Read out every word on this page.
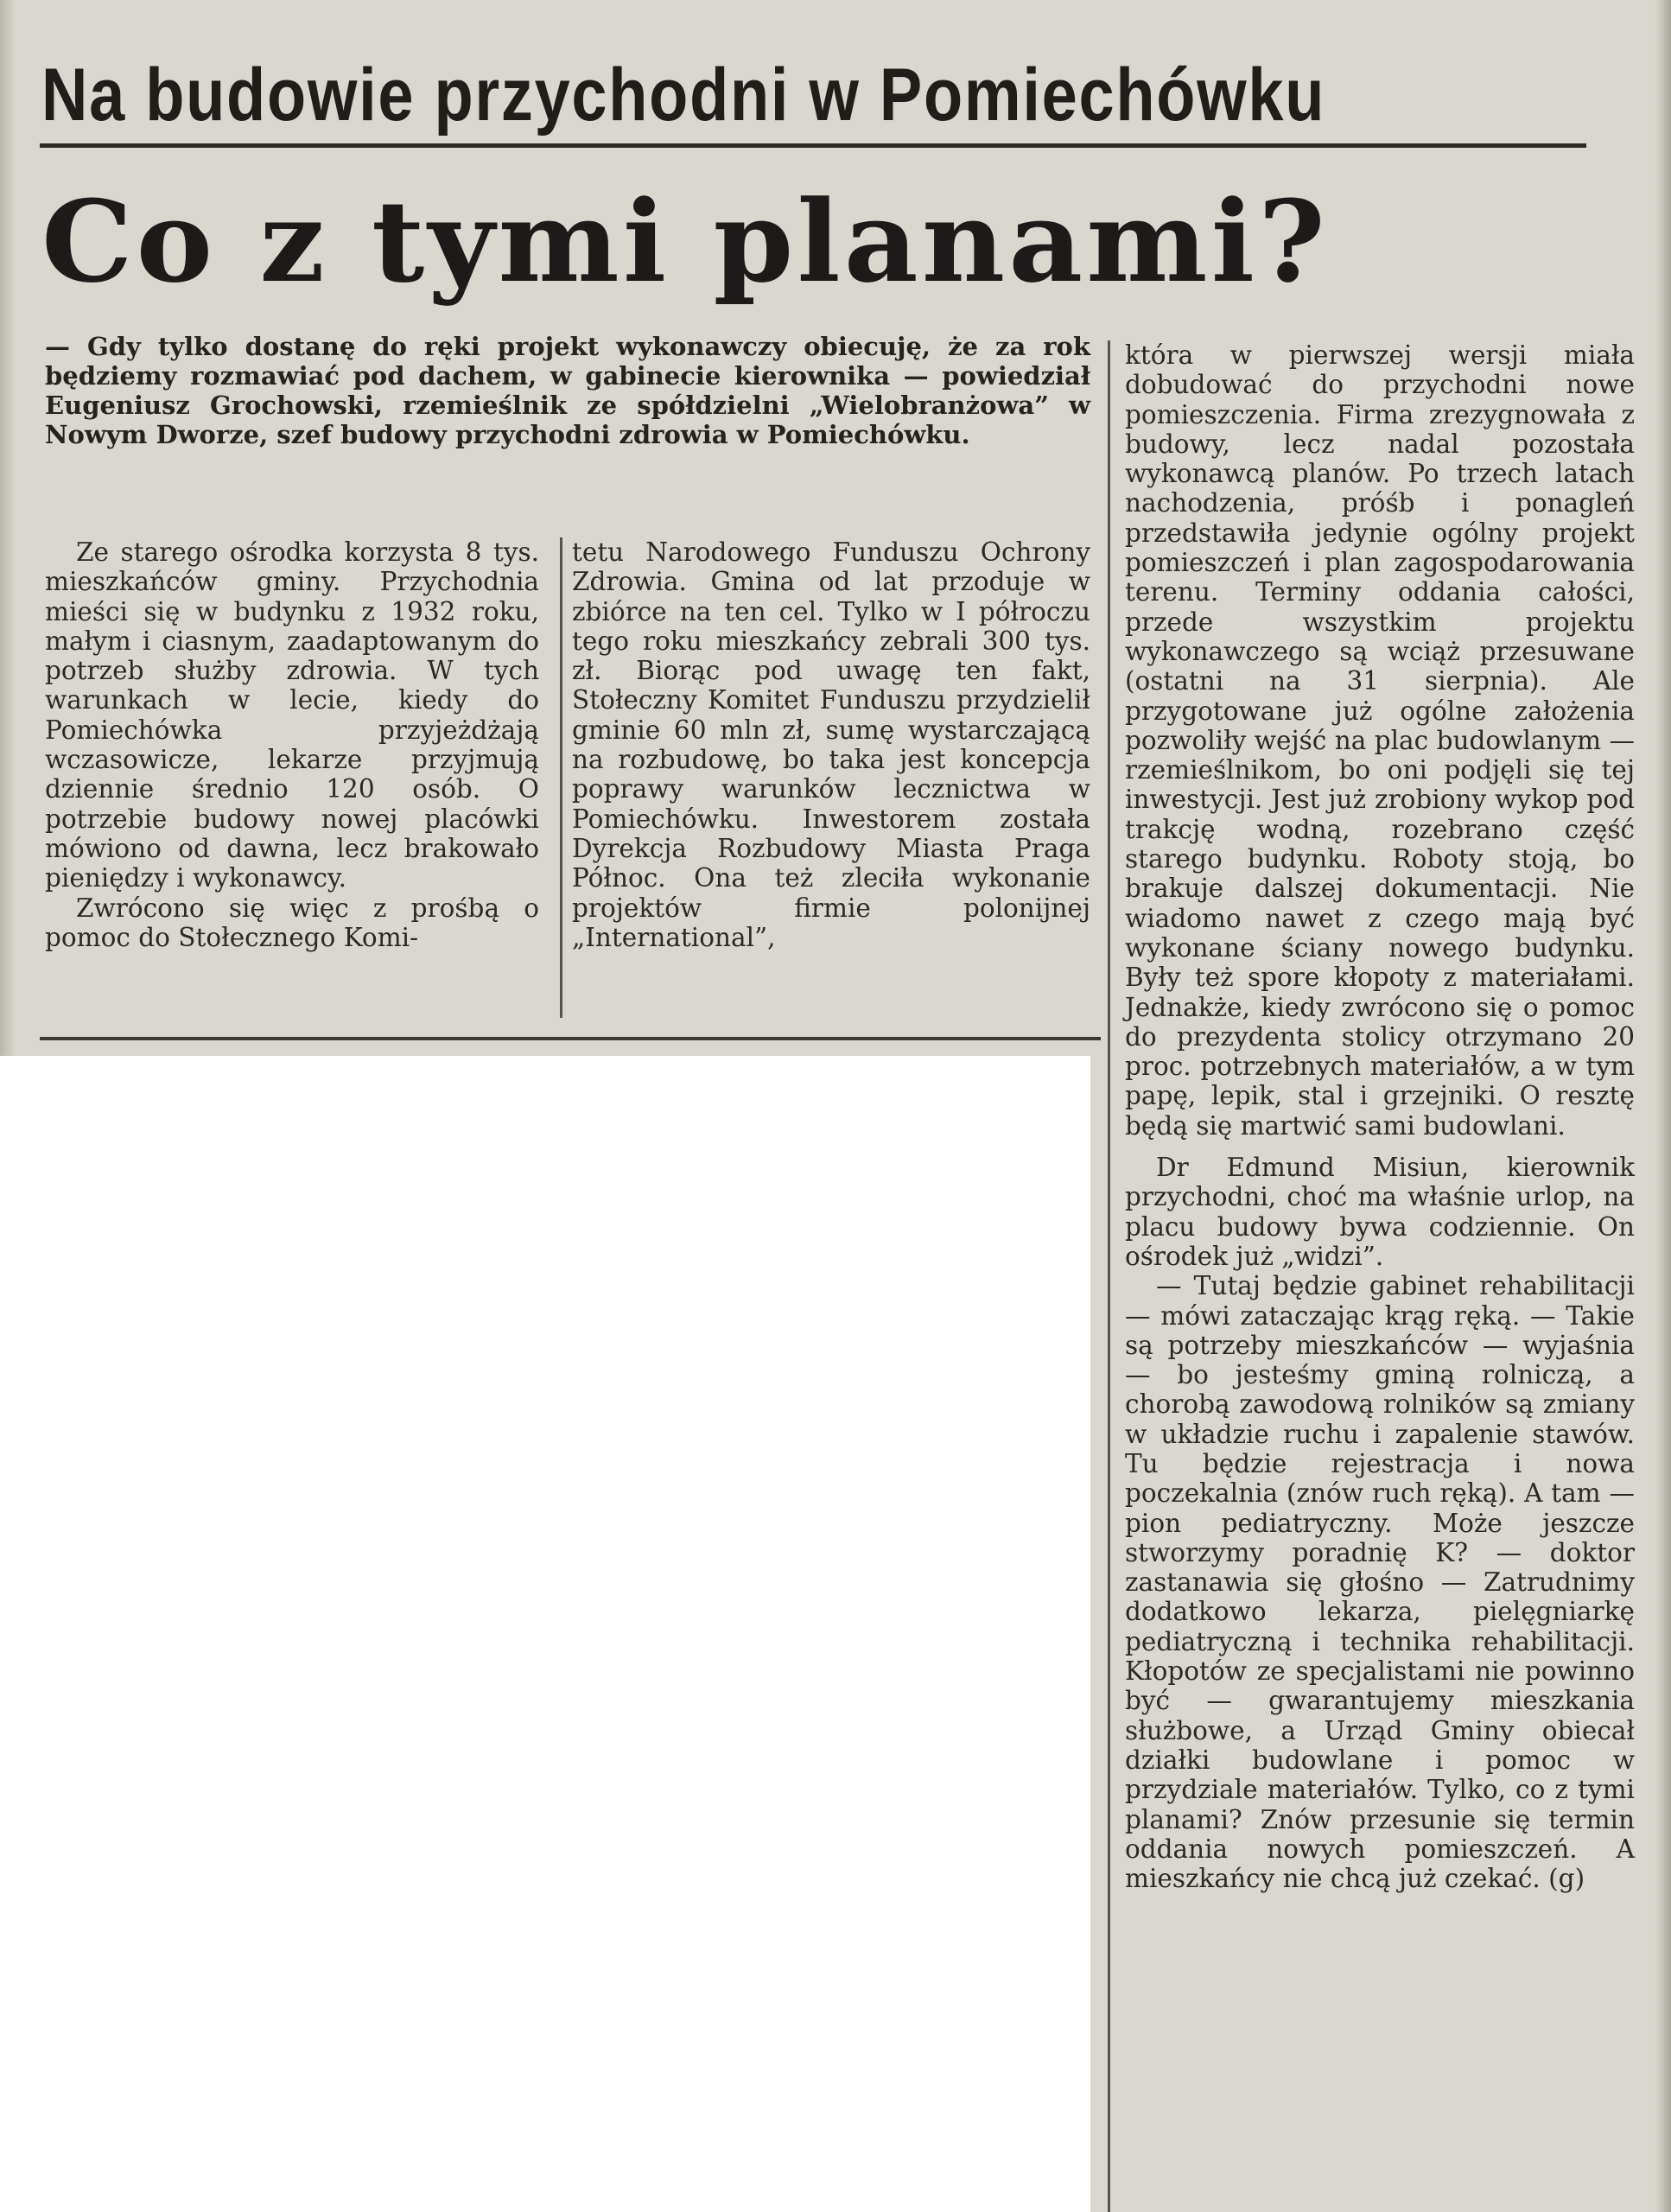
Na budowie przychodni w Pomiechówku
Co z tymi planami?

— Gdy tylko dostanę do ręki projekt wykonawczy obiecuję, że za rok będziemy rozmawiać pod dachem, w gabinecie kierownika — powiedział Eugeniusz Grochowski, rzemieślnik ze spółdzielni „Wielobranżowa” w Nowym Dworze, szef budowy przychodni zdrowia w Pomiechówku.

Ze starego ośrodka korzysta 8 tys. mieszkańców gminy. Przychodnia mieści się w budynku z 1932 roku, małym i ciasnym, zaadaptowanym do potrzeb służby zdrowia. W tych warunkach w lecie, kiedy do Pomiechówka przyjeżdżają wczasowicze, lekarze przyjmują dziennie średnio 120 osób. O potrzebie budowy nowej placówki mówiono od dawna, lecz brakowało pieniędzy i wykonawcy.

Zwrócono się więc z prośbą o pomoc do Stołecznego Komi-

tetu Narodowego Funduszu Ochrony Zdrowia. Gmina od lat przoduje w zbiórce na ten cel. Tylko w I półroczu tego roku mieszkańcy zebrali 300 tys. zł. Biorąc pod uwagę ten fakt, Stołeczny Komitet Funduszu przydzielił gminie 60 mln zł, sumę wystarczającą na rozbudowę, bo taka jest koncepcja poprawy warunków lecznictwa w Pomiechówku. Inwestorem została Dyrekcja Rozbudowy Miasta Praga Północ. Ona też zleciła wykonanie projektów firmie polonijnej „International”,

która w pierwszej wersji miała dobudować do przychodni nowe pomieszczenia. Firma zrezygnowała z budowy, lecz nadal pozostała wykonawcą planów. Po trzech latach nachodzenia, próśb i ponagleń przedstawiła jedynie ogólny projekt pomieszczeń i plan zagospodarowania terenu. Terminy oddania całości, przede wszystkim projektu wykonawczego są wciąż przesuwane (ostatni na 31 sierpnia). Ale przygotowane już ogólne założenia pozwoliły wejść na plac budowlanym — rzemieślnikom, bo oni podjęli się tej inwestycji. Jest już zrobiony wykop pod trakcję wodną, rozebrano część starego budynku. Roboty stoją, bo brakuje dalszej dokumentacji. Nie wiadomo nawet z czego mają być wykonane ściany nowego budynku. Były też spore kłopoty z materiałami. Jednakże, kiedy zwrócono się o pomoc do prezydenta stolicy otrzymano 20 proc. potrzebnych materiałów, a w tym papę, lepik, stal i grzejniki. O resztę będą się martwić sami budowlani.

Dr Edmund Misiun, kierownik przychodni, choć ma właśnie urlop, na placu budowy bywa codziennie. On ośrodek już „widzi”.

— Tutaj będzie gabinet rehabilitacji — mówi zataczając krąg ręką. — Takie są potrzeby mieszkańców — wyjaśnia — bo jesteśmy gminą rolniczą, a chorobą zawodową rolników są zmiany w układzie ruchu i zapalenie stawów. Tu będzie rejestracja i nowa poczekalnia (znów ruch ręką). A tam — pion pediatryczny. Może jeszcze stworzymy poradnię K? — doktor zastanawia się głośno — Zatrudnimy dodatkowo lekarza, pielęgniarkę pediatryczną i technika rehabilitacji. Kłopotów ze specjalistami nie powinno być — gwarantujemy mieszkania służbowe, a Urząd Gminy obiecał działki budowlane i pomoc w przydziale materiałów. Tylko, co z tymi planami? Znów przesunie się termin oddania nowych pomieszczeń. A mieszkańcy nie chcą już czekać. (g)
